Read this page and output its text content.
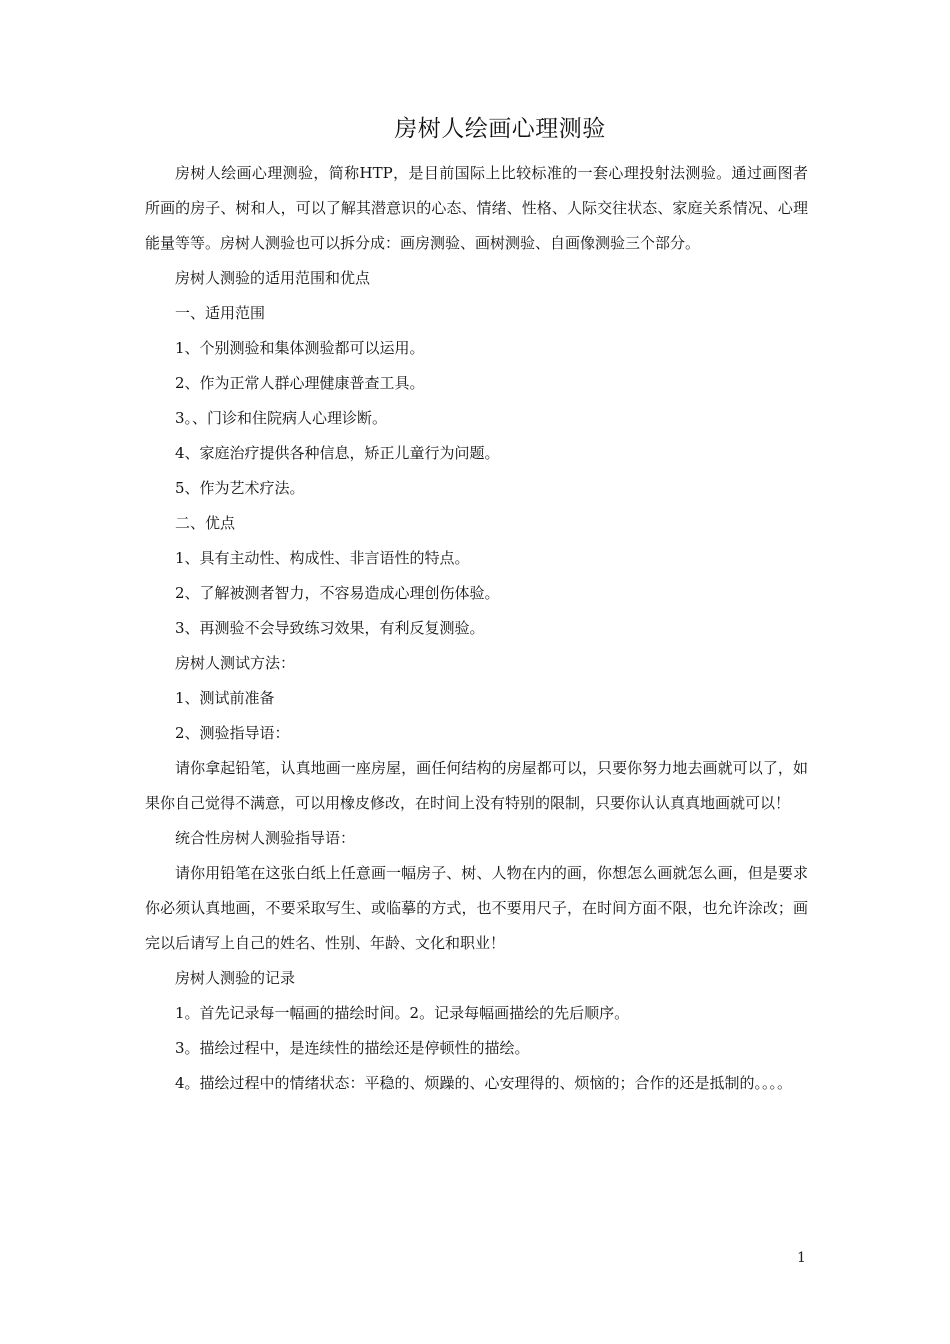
房树人绘画心理测验

房树人绘画心理测验，简称HTP，是目前国际上比较标准的一套心理投射法测验。通过画图者所画的房子、树和人，可以了解其潜意识的心态、情绪、性格、人际交往状态、家庭关系情况、心理能量等等。房树人测验也可以拆分成：画房测验、画树测验、自画像测验三个部分。

房树人测验的适用范围和优点

一、适用范围

1、个别测验和集体测验都可以运用。

2、作为正常人群心理健康普查工具。

3。、门诊和住院病人心理诊断。

4、家庭治疗提供各种信息，矫正儿童行为问题。

5、作为艺术疗法。

二、优点

1、具有主动性、构成性、非言语性的特点。

2、了解被测者智力，不容易造成心理创伤体验。

3、再测验不会导致练习效果，有利反复测验。

房树人测试方法：

1、测试前准备

2、测验指导语：

请你拿起铅笔，认真地画一座房屋，画任何结构的房屋都可以，只要你努力地去画就可以了，如果你自己觉得不满意，可以用橡皮修改，在时间上没有特别的限制，只要你认认真真地画就可以！

统合性房树人测验指导语：

请你用铅笔在这张白纸上任意画一幅房子、树、人物在内的画，你想怎么画就怎么画，但是要求你必须认真地画，不要采取写生、或临摹的方式，也不要用尺子，在时间方面不限，也允许涂改；画完以后请写上自己的姓名、性别、年龄、文化和职业！

房树人测验的记录

1。首先记录每一幅画的描绘时间。2。记录每幅画描绘的先后顺序。

3。描绘过程中，是连续性的描绘还是停顿性的描绘。

4。描绘过程中的情绪状态：平稳的、烦躁的、心安理得的、烦恼的；合作的还是抵制的。。。。

1
